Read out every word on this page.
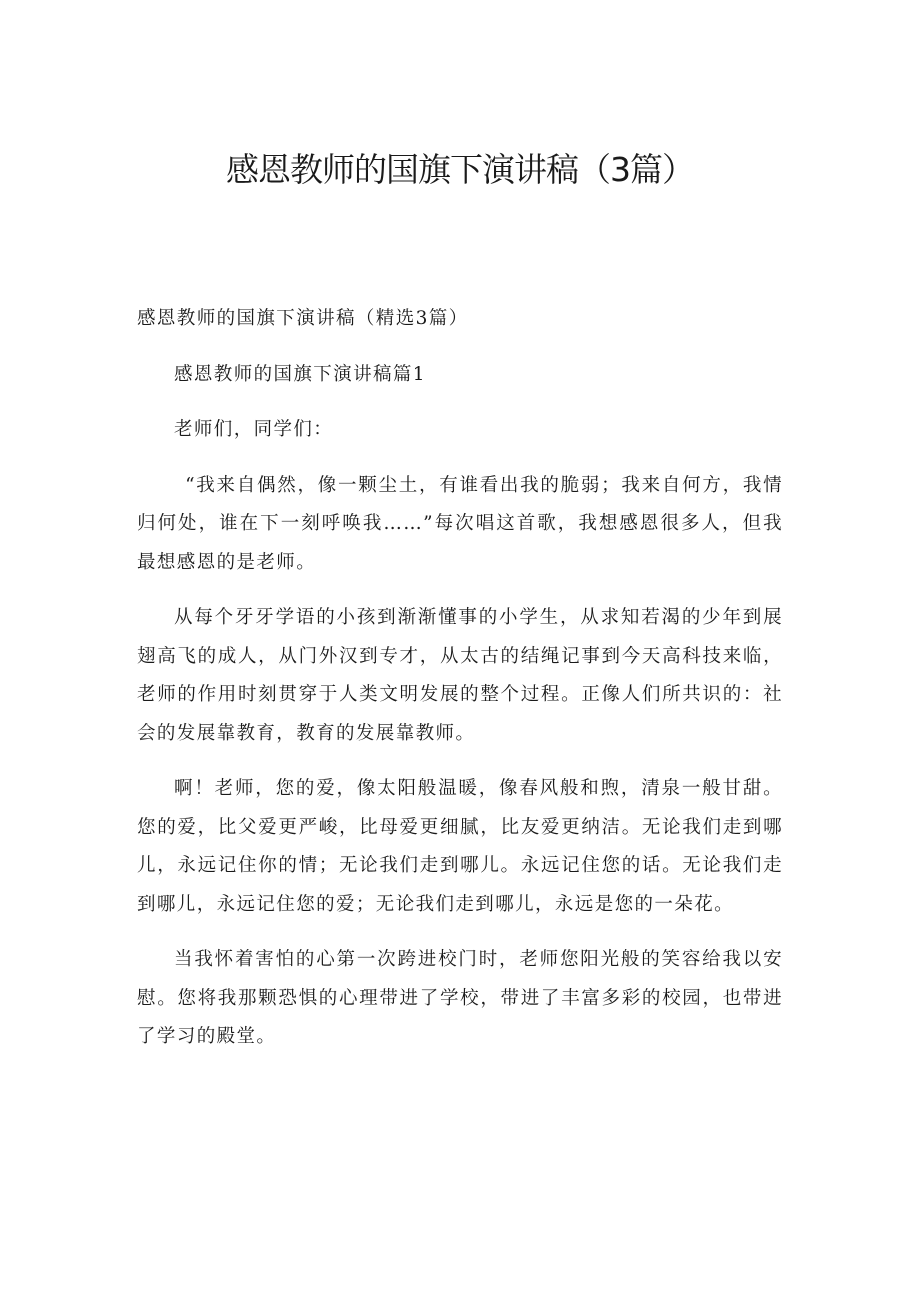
感恩教师的国旗下演讲稿（3篇）

感恩教师的国旗下演讲稿（精选3篇）

感恩教师的国旗下演讲稿篇1

老师们，同学们：

“我来自偶然，像一颗尘土，有谁看出我的脆弱；我来自何方，我情归何处，谁在下一刻呼唤我……”每次唱这首歌，我想感恩很多人，但我最想感恩的是老师。

从每个牙牙学语的小孩到渐渐懂事的小学生，从求知若渴的少年到展翅高飞的成人，从门外汉到专才，从太古的结绳记事到今天高科技来临，老师的作用时刻贯穿于人类文明发展的整个过程。正像人们所共识的：社会的发展靠教育，教育的发展靠教师。

啊！老师，您的爱，像太阳般温暖，像春风般和煦，清泉一般甘甜。您的爱，比父爱更严峻，比母爱更细腻，比友爱更纳洁。无论我们走到哪儿，永远记住你的情；无论我们走到哪儿。永远记住您的话。无论我们走到哪儿，永远记住您的爱；无论我们走到哪儿，永远是您的一朵花。

当我怀着害怕的心第一次跨进校门时，老师您阳光般的笑容给我以安慰。您将我那颗恐惧的心理带进了学校，带进了丰富多彩的校园，也带进了学习的殿堂。
